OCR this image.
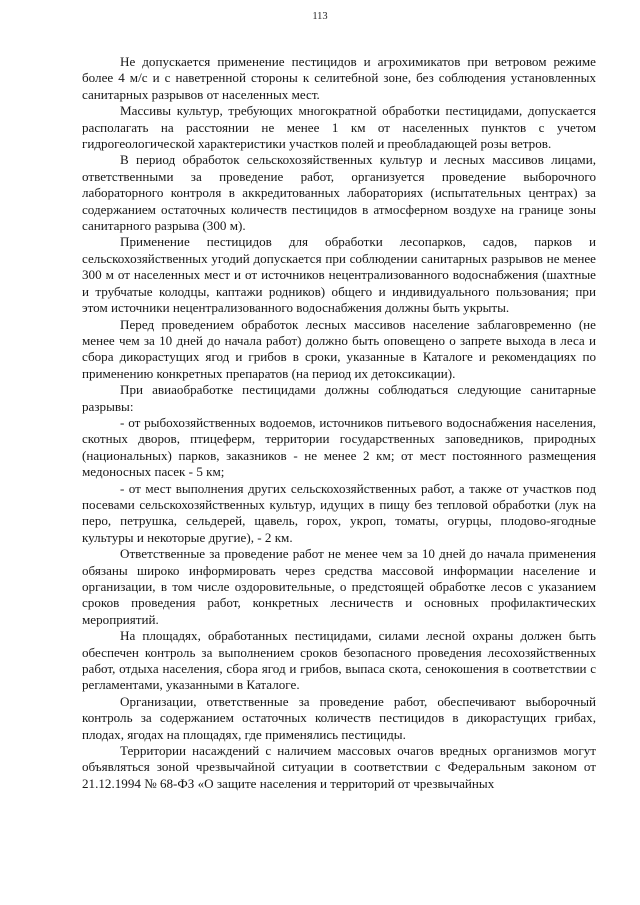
113

Не допускается применение пестицидов и агрохимикатов при ветровом режиме более 4 м/с и с наветренной стороны к селитебной зоне, без соблюдения установленных санитарных разрывов от населенных мест.

Массивы культур, требующих многократной обработки пестицидами, допускается располагать на расстоянии не менее 1 км от населенных пунктов с учетом гидрогеологической характеристики участков полей и преобладающей розы ветров.

В период обработок сельскохозяйственных культур и лесных массивов лицами, ответственными за проведение работ, организуется проведение выборочного лабораторного контроля в аккредитованных лабораториях (испытательных центрах) за содержанием остаточных количеств пестицидов в атмосферном воздухе на границе зоны санитарного разрыва (300 м).

Применение пестицидов для обработки лесопарков, садов, парков и сельскохозяйственных угодий допускается при соблюдении санитарных разрывов не менее 300 м от населенных мест и от источников нецентрализованного водоснабжения (шахтные и трубчатые колодцы, каптажи родников) общего и индивидуального пользования; при этом источники нецентрализованного водоснабжения должны быть укрыты.

Перед проведением обработок лесных массивов население заблаговременно (не менее чем за 10 дней до начала работ) должно быть оповещено о запрете выхода в леса и сбора дикорастущих ягод и грибов в сроки, указанные в Каталоге и рекомендациях по применению конкретных препаратов (на период их детоксикации).

При авиаобработке пестицидами должны соблюдаться следующие санитарные разрывы:

- от рыбохозяйственных водоемов, источников питьевого водоснабжения населения, скотных дворов, птицеферм, территории государственных заповедников, природных (национальных) парков, заказников - не менее 2 км; от мест постоянного размещения медоносных пасек - 5 км;

- от мест выполнения других сельскохозяйственных работ, а также от участков под посевами сельскохозяйственных культур, идущих в пищу без тепловой обработки (лук на перо, петрушка, сельдерей, щавель, горох, укроп, томаты, огурцы, плодово-ягодные культуры и некоторые другие), - 2 км.

Ответственные за проведение работ не менее чем за 10 дней до начала применения обязаны широко информировать через средства массовой информации население и организации, в том числе оздоровительные, о предстоящей обработке лесов с указанием сроков проведения работ, конкретных лесничеств и основных профилактических мероприятий.

На площадях, обработанных пестицидами, силами лесной охраны должен быть обеспечен контроль за выполнением сроков безопасного проведения лесохозяйственных работ, отдыха населения, сбора ягод и грибов, выпаса скота, сенокошения в соответствии с регламентами, указанными в Каталоге.

Организации, ответственные за проведение работ, обеспечивают выборочный контроль за содержанием остаточных количеств пестицидов в дикорастущих грибах, плодах, ягодах на площадях, где применялись пестициды.

Территории насаждений с наличием массовых очагов вредных организмов могут объявляться зоной чрезвычайной ситуации в соответствии с Федеральным законом от 21.12.1994 № 68-ФЗ «О защите населения и территорий от чрезвычайных
